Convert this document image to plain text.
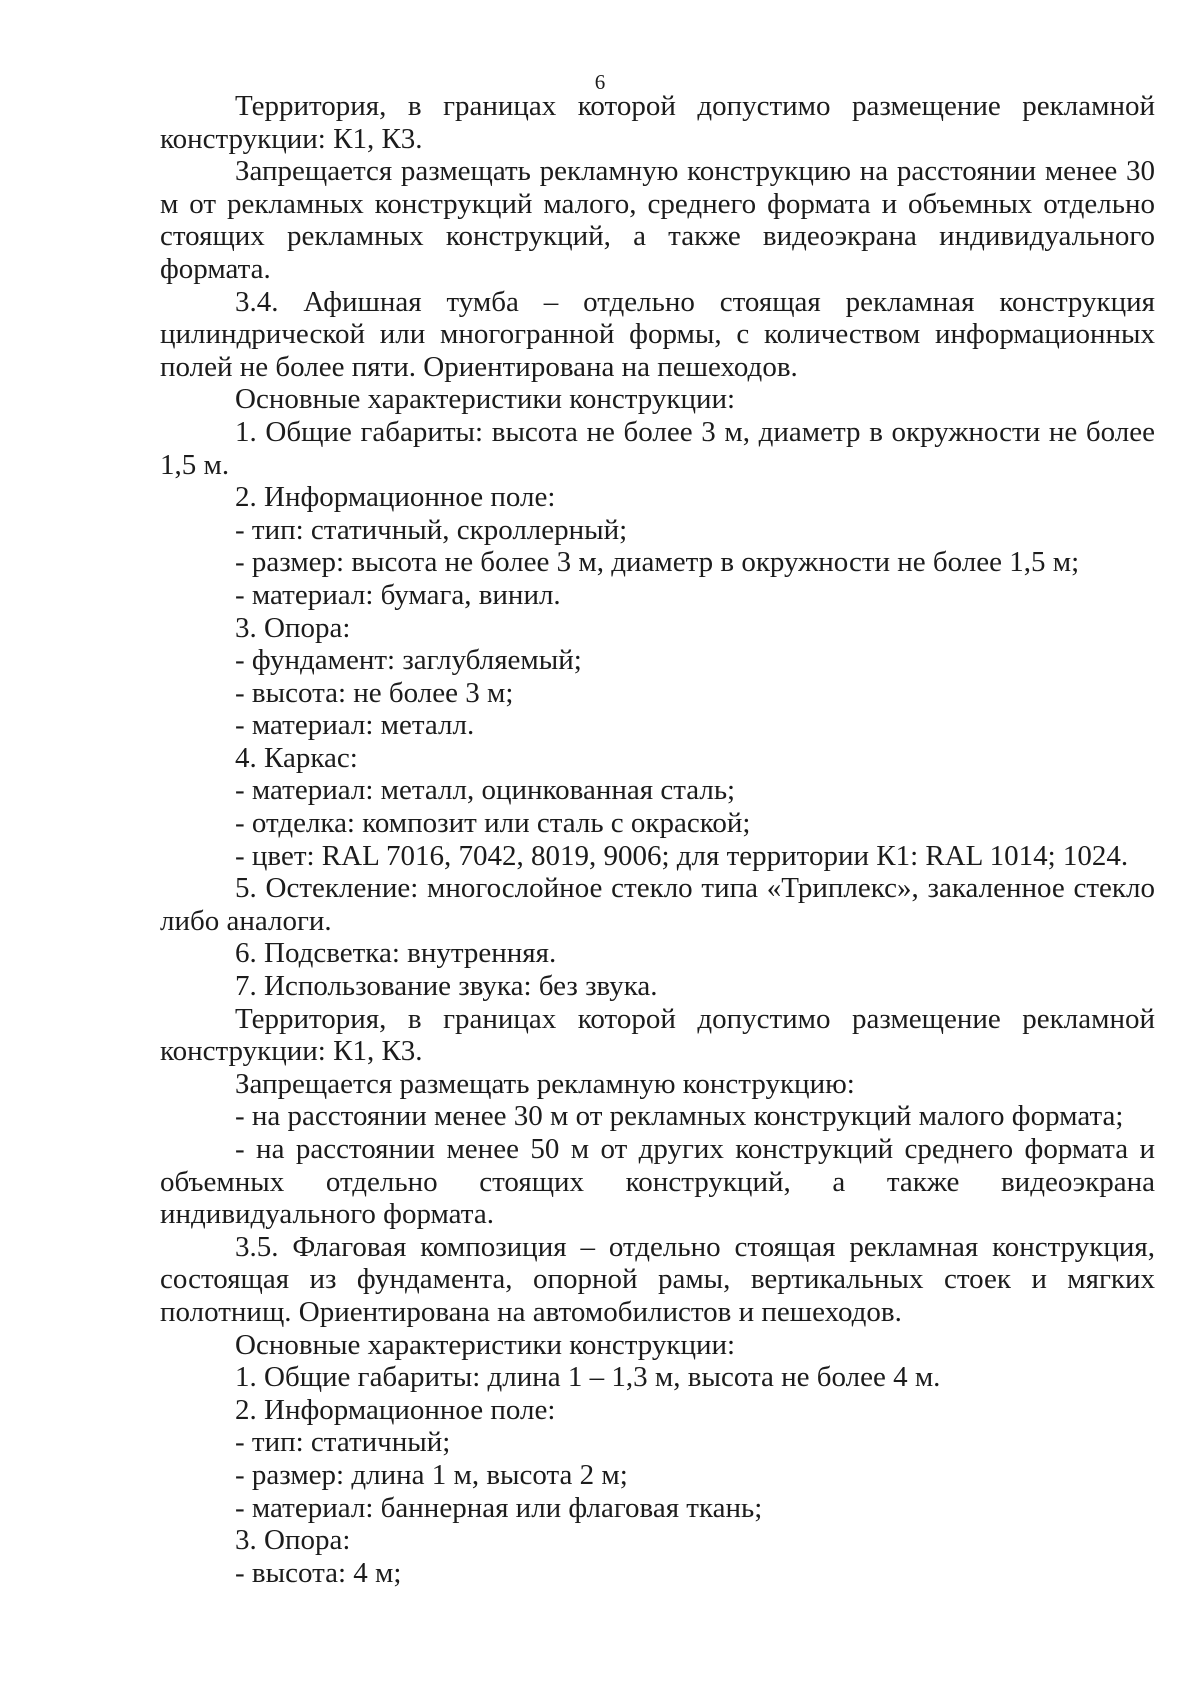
6

Территория, в границах которой допустимо размещение рекламной конструкции: К1, К3.

Запрещается размещать рекламную конструкцию на расстоянии менее 30 м от рекламных конструкций малого, среднего формата и объемных отдельно стоящих рекламных конструкций, а также видеоэкрана индивидуального формата.

3.4. Афишная тумба – отдельно стоящая рекламная конструкция цилиндрической или многогранной формы, с количеством информационных полей не более пяти. Ориентирована на пешеходов.

Основные характеристики конструкции:

1. Общие габариты: высота не более 3 м, диаметр в окружности не более 1,5 м.

2. Информационное поле:

- тип: статичный, скроллерный;

- размер: высота не более 3 м, диаметр в окружности не более 1,5 м;

- материал: бумага, винил.

3. Опора:

- фундамент: заглубляемый;

- высота: не более 3 м;

- материал: металл.

4. Каркас:

- материал: металл, оцинкованная сталь;

- отделка: композит или сталь с окраской;

- цвет: RAL 7016, 7042, 8019, 9006; для территории К1: RAL 1014; 1024.

5. Остекление: многослойное стекло типа «Триплекс», закаленное стекло либо аналоги.

6. Подсветка: внутренняя.

7. Использование звука: без звука.

Территория, в границах которой допустимо размещение рекламной конструкции: К1, К3.

Запрещается размещать рекламную конструкцию:

- на расстоянии менее 30 м от рекламных конструкций малого формата;

- на расстоянии менее 50 м от других конструкций среднего формата и объемных отдельно стоящих конструкций, а также видеоэкрана индивидуального формата.

3.5. Флаговая композиция – отдельно стоящая рекламная конструкция, состоящая из фундамента, опорной рамы, вертикальных стоек и мягких полотнищ. Ориентирована на автомобилистов и пешеходов.

Основные характеристики конструкции:

1. Общие габариты: длина 1 – 1,3 м, высота не более 4 м.

2. Информационное поле:

- тип: статичный;

- размер: длина 1 м, высота 2 м;

- материал: баннерная или флаговая ткань;

3. Опора:

- высота: 4 м;
